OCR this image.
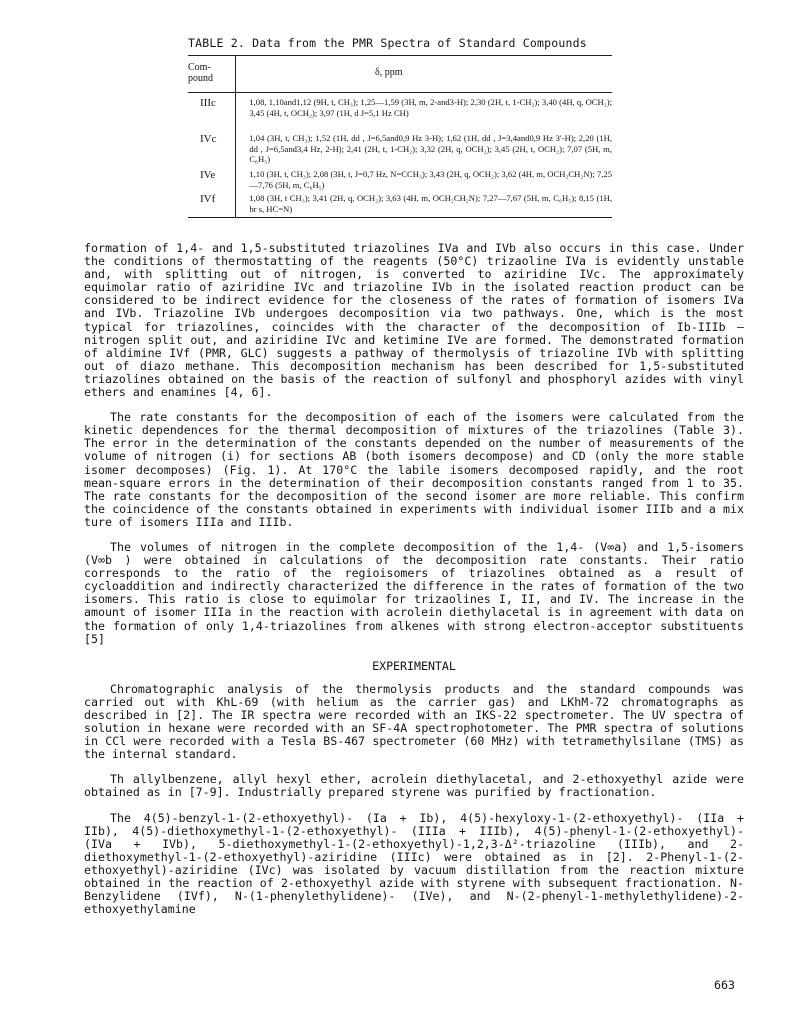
TABLE 2. Data from the PMR Spectra of Standard Compounds
Com-
pound
δ, ppm
IIIc	1,08, 1,10and1,12 (9H, t, CH₃); 1,25—1,59 (3H, m, 2-and3-H); 2,30 (2H, t, 1-CH₂); 3,40 (4H, q, OCH₂); 3,45 (4H, t, OCH₂); 3,97 (1H, d J=5,1 Hz CH)
IVc	1,04 (3H, t, CH₃); 1,52 (1H, dd , J=6,5and0,9 Hz 3-H); 1,62 (1H, dd , J=3,4and0,9 Hz 3′-H); 2,20 (1H, dd , J=6,5and3,4 Hz, 2-H); 2,41 (2H, t, 1-CH₂); 3,32 (2H, q, OCH₂); 3,45 (2H, t, OCH₂); 7,07 (5H, m, C₆H₅)
IVe	1,10 (3H, t, CH₃); 2,08 (3H, t, J=0,7 Hz, N=CCH₃); 3,43 (2H, q, OCH₂); 3,62 (4H, m, OCH₂CH₂N); 7,25—7,76 (5H, m, C₆H₅)
IVf	1,08 (3H, t CH₃); 3,41 (2H, q, OCH₂); 3,63 (4H, m, OCH₂CH₂N); 7,27—7,67 (5H, m, C₆H₅); 8,15 (1H, br s, HC=N)

formation of 1,4- and 1,5-substituted triazolines IVa and IVb also occurs in this case. Under the conditions of thermostatting of the reagents (50°C) trizaoline IVa is evidently unstable and, with splitting out of nitrogen, is converted to aziridine IVc. The approximately equimolar ratio of aziridine IVc and triazoline IVb in the isolated reaction product can be considered to be indirect evidence for the closeness of the rates of formation of isomers IVa and IVb. Triazoline IVb undergoes decomposition via two pathways. One, which is the most typical for triazolines, coincides with the character of the decomposition of Ib-IIIb — nitrogen split out, and aziridine IVc and ketimine IVe are formed. The demonstrated formation of aldimine IVf (PMR, GLC) suggests a pathway of thermolysis of triazoline IVb with splitting out of diazo methane. This decomposition mechanism has been described for 1,5-substituted triazolines obtained on the basis of the reaction of sulfonyl and phosphoryl azides with vinyl ethers and enamines [4, 6].

The rate constants for the decomposition of each of the isomers were calculated from the kinetic dependences for the thermal decomposition of mixtures of the triazolines (Table 3). The error in the determination of the constants depended on the number of measurements of the volume of nitrogen (i) for sections AB (both isomers decompose) and CD (only the more stable isomer decomposes) (Fig. 1). At 170°C the labile isomers decomposed rapidly, and the root mean-square errors in the determination of their decomposition constants ranged from 1 to 35. The rate constants for the decomposition of the second isomer are more reliable. This confirm the coincidence of the constants obtained in experiments with individual isomer IIIb and a mix ture of isomers IIIa and IIIb.

The volumes of nitrogen in the complete decomposition of the 1,4- (V∞a) and 1,5-isomers (V∞b ) were obtained in calculations of the decomposition rate constants. Their ratio corresponds to the ratio of the regioisomers of triazolines obtained as a result of cycloaddition and indirectly characterized the difference in the rates of formation of the two isomers. This ratio is close to equimolar for trizaolines I, II, and IV. The increase in the amount of isomer IIIa in the reaction with acrolein diethylacetal is in agreement with data on the formation of only 1,4-triazolines from alkenes with strong electron-acceptor substituents [5]

EXPERIMENTAL

Chromatographic analysis of the thermolysis products and the standard compounds was carried out with KhL-69 (with helium as the carrier gas) and LKhM-72 chromatographs as described in [2]. The IR spectra were recorded with an IKS-22 spectrometer. The UV spectra of solution in hexane were recorded with an SF-4A spectrophotometer. The PMR spectra of solutions in CCl were recorded with a Tesla BS-467 spectrometer (60 MHz) with tetramethylsilane (TMS) as the internal standard.

Th allylbenzene, allyl hexyl ether, acrolein diethylacetal, and 2-ethoxyethyl azide were obtained as in [7-9]. Industrially prepared styrene was purified by fractionation.

The 4(5)-benzyl-1-(2-ethoxyethyl)- (Ia + Ib), 4(5)-hexyloxy-1-(2-ethoxyethyl)- (IIa + IIb), 4(5)-diethoxymethyl-1-(2-ethoxyethyl)- (IIIa + IIIb), 4(5)-phenyl-1-(2-ethoxyethyl)- (IVa + IVb), 5-diethoxymethyl-1-(2-ethoxyethyl)-1,2,3-Δ²-triazoline (IIIb), and 2-diethoxymethyl-1-(2-ethoxyethyl)-aziridine (IIIc) were obtained as in [2]. 2-Phenyl-1-(2-ethoxyethyl)-aziridine (IVc) was isolated by vacuum distillation from the reaction mixture obtained in the reaction of 2-ethoxyethyl azide with styrene with subsequent fractionation. N-Benzylidene (IVf), N-(1-phenylethylidene)- (IVe), and N-(2-phenyl-1-methylethylidene)-2-ethoxyethylamine

663
